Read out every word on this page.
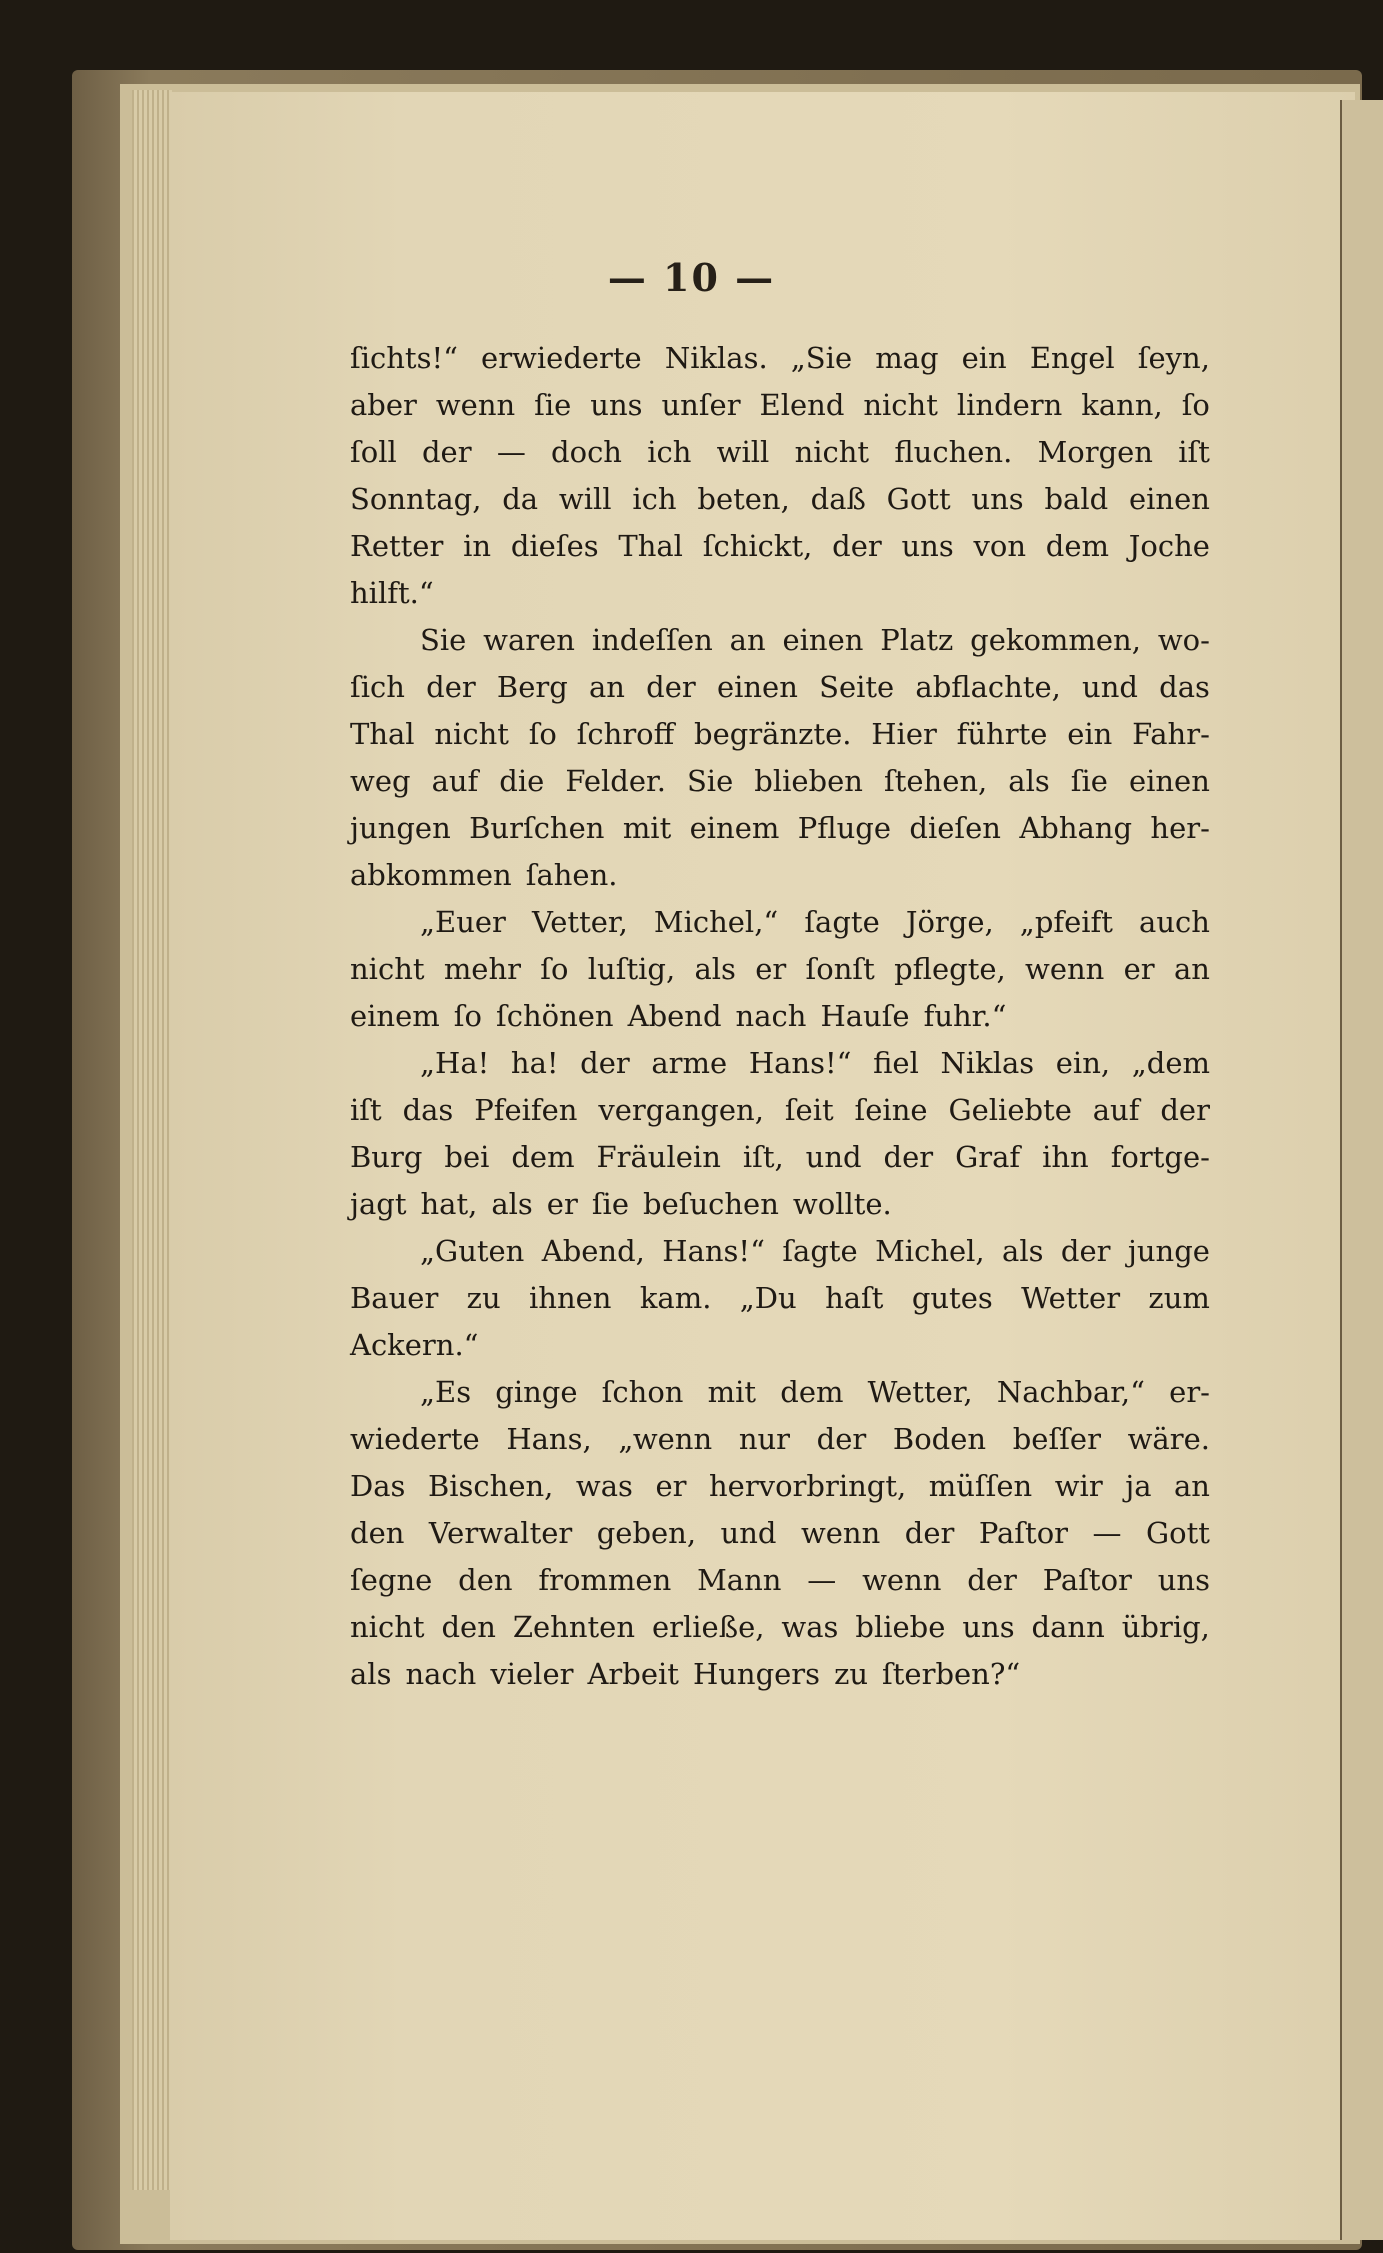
— 10 —
ſichts!“ erwiederte Niklas. „Sie mag ein Engel ſeyn,
aber wenn ſie uns unſer Elend nicht lindern kann, ſo
ſoll der — doch ich will nicht fluchen. Morgen iſt
Sonntag, da will ich beten, daß Gott uns bald einen
Retter in dieſes Thal ſchickt, der uns von dem Joche
hilft.“
Sie waren indeſſen an einen Platz gekommen, wo-
ſich der Berg an der einen Seite abflachte, und das
Thal nicht ſo ſchroff begränzte. Hier führte ein Fahr-
weg auf die Felder. Sie blieben ſtehen, als ſie einen
jungen Burſchen mit einem Pfluge dieſen Abhang her-
abkommen ſahen.
„Euer Vetter, Michel,“ ſagte Jörge, „pfeift auch
nicht mehr ſo luſtig, als er ſonſt pflegte, wenn er an
einem ſo ſchönen Abend nach Hauſe fuhr.“
„Ha! ha! der arme Hans!“ fiel Niklas ein, „dem
iſt das Pfeifen vergangen, ſeit ſeine Geliebte auf der
Burg bei dem Fräulein iſt, und der Graf ihn fortge-
jagt hat, als er ſie beſuchen wollte.
„Guten Abend, Hans!“ ſagte Michel, als der junge
Bauer zu ihnen kam. „Du haſt gutes Wetter zum
Ackern.“
„Es ginge ſchon mit dem Wetter, Nachbar,“ er-
wiederte Hans, „wenn nur der Boden beſſer wäre.
Das Bischen, was er hervorbringt, müſſen wir ja an
den Verwalter geben, und wenn der Paſtor — Gott
ſegne den frommen Mann — wenn der Paſtor uns
nicht den Zehnten erließe, was bliebe uns dann übrig,
als nach vieler Arbeit Hungers zu ſterben?“
